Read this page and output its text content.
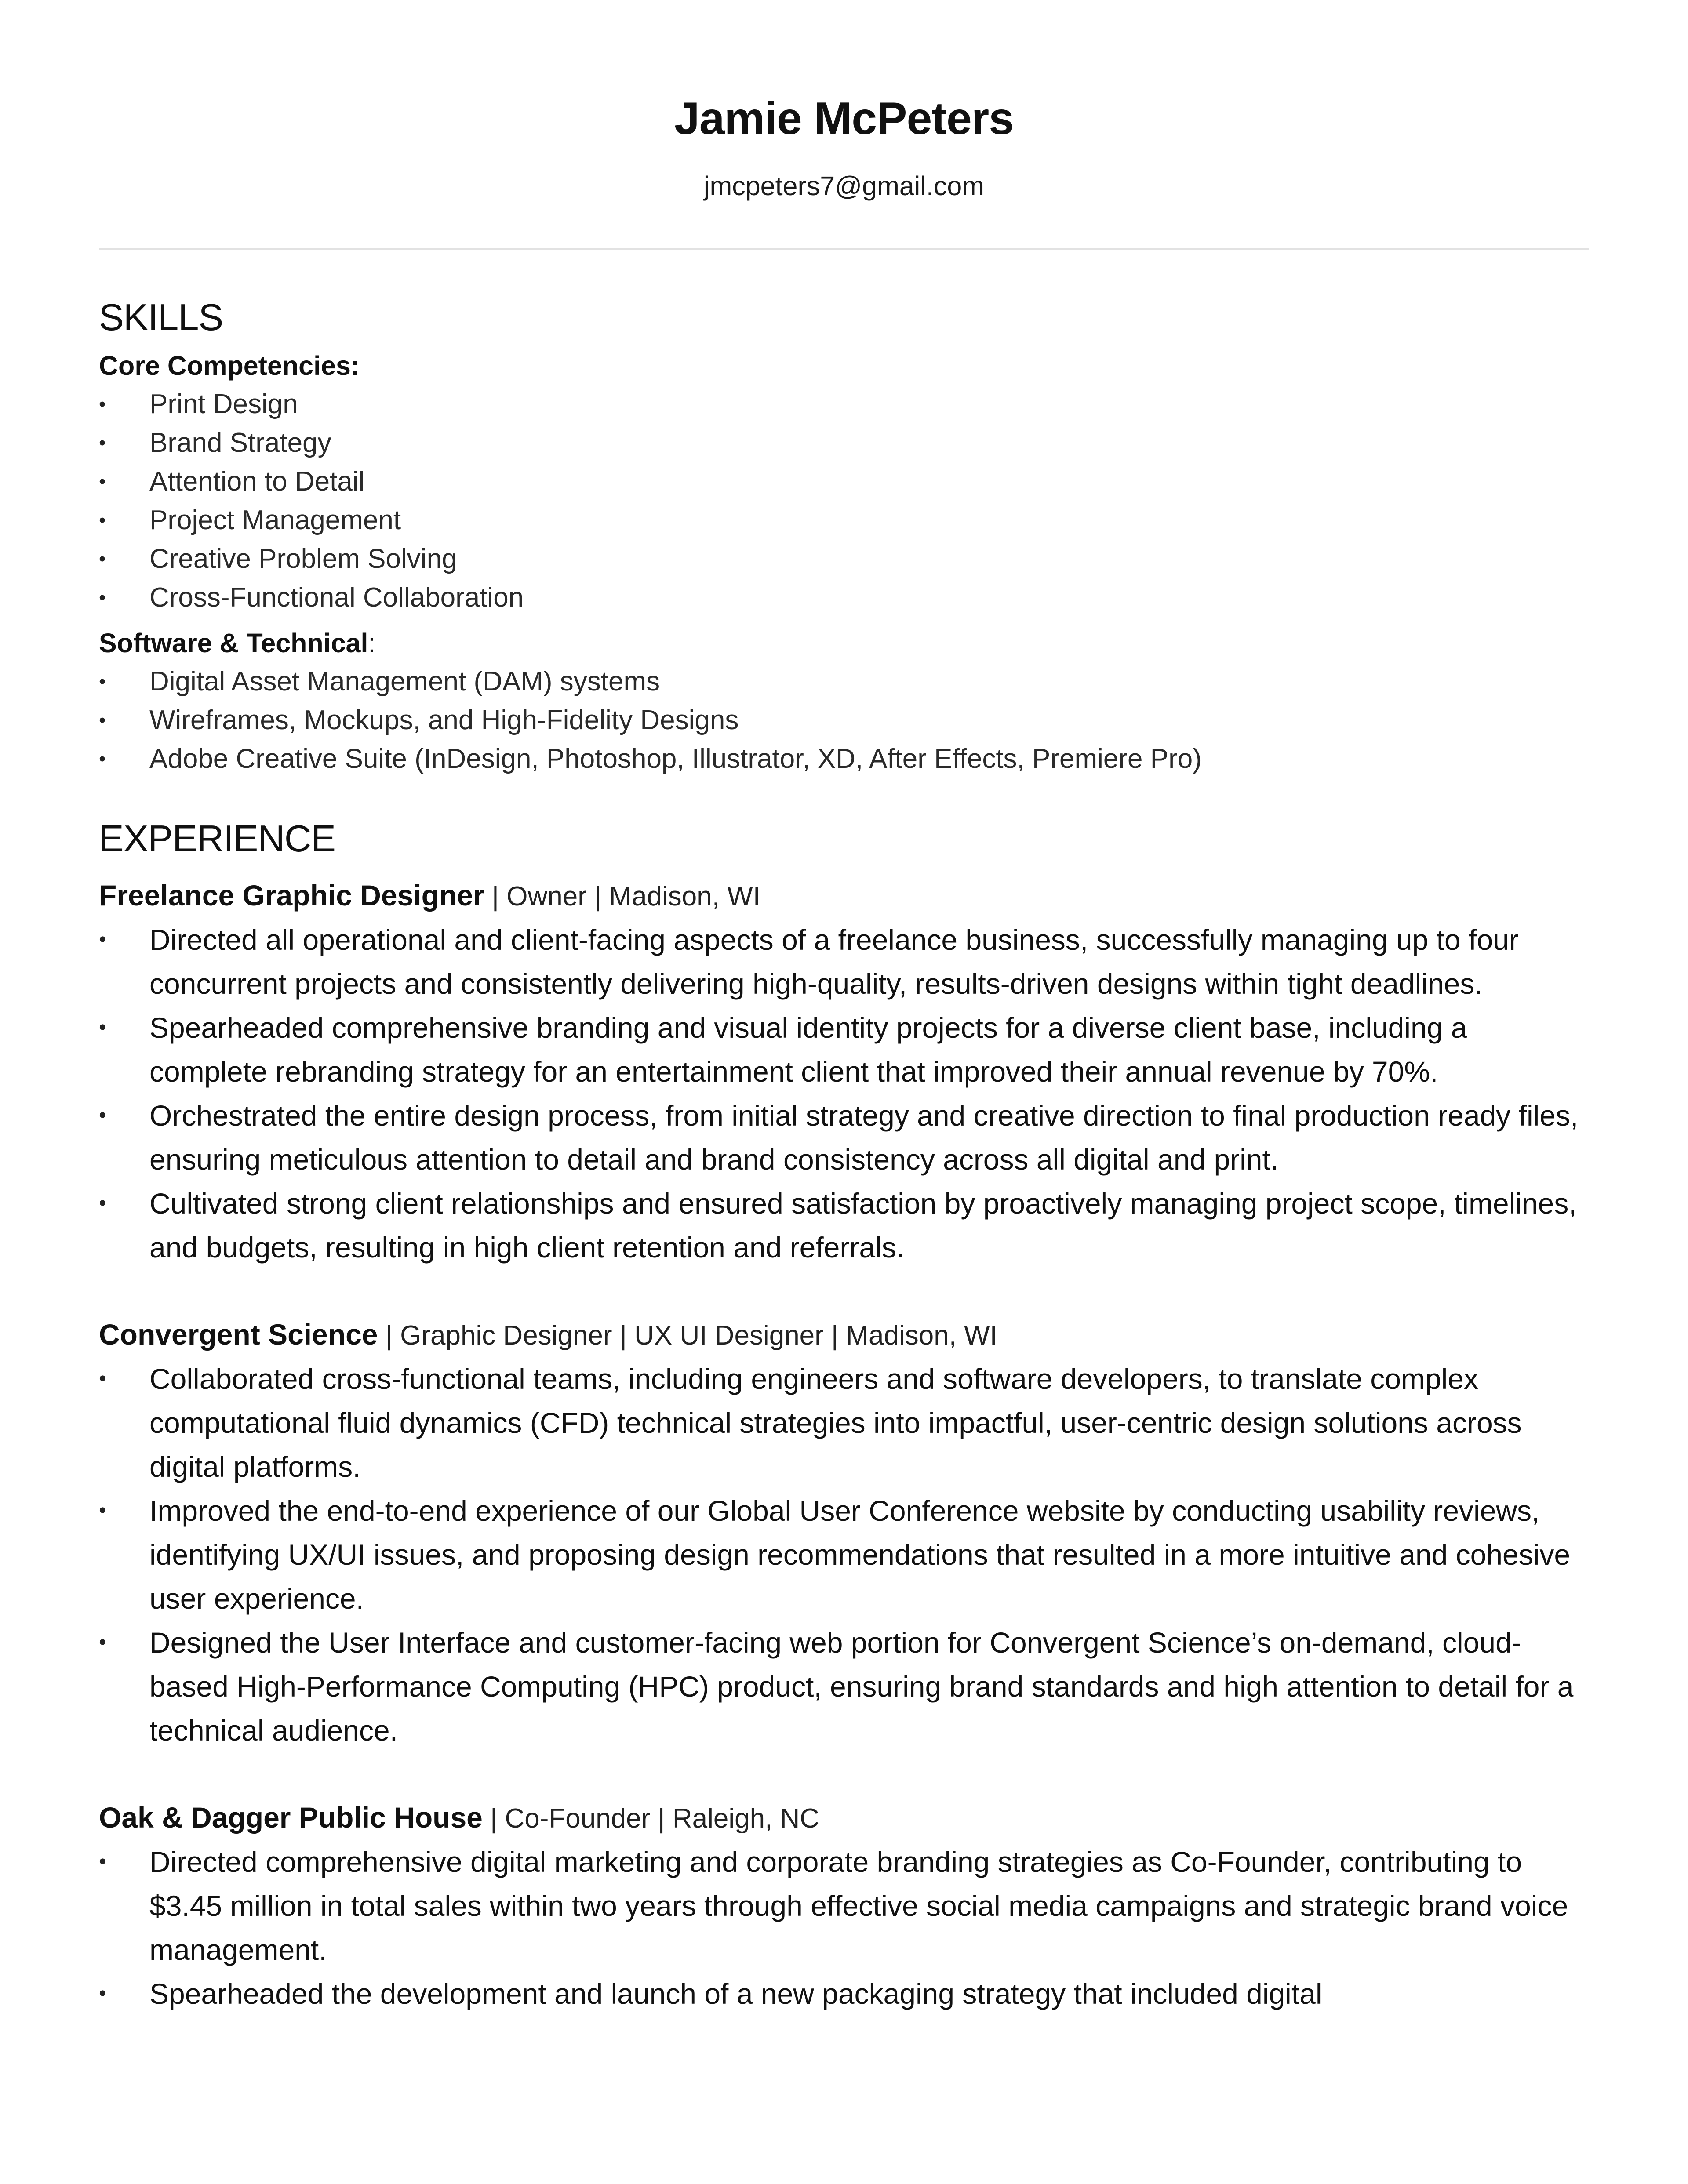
Jamie McPeters
jmcpeters7@gmail.com
SKILLS
Core Competencies:
• Print Design
• Brand Strategy
• Attention to Detail
• Project Management
• Creative Problem Solving
• Cross-Functional Collaboration
Software & Technical:
• Digital Asset Management (DAM) systems
• Wireframes, Mockups, and High-Fidelity Designs
• Adobe Creative Suite (InDesign, Photoshop, Illustrator, XD, After Effects, Premiere Pro)
EXPERIENCE
Freelance Graphic Designer | Owner | Madison, WI
• Directed all operational and client-facing aspects of a freelance business, successfully managing up to four concurrent projects and consistently delivering high-quality, results-driven designs within tight deadlines.
• Spearheaded comprehensive branding and visual identity projects for a diverse client base, including a complete rebranding strategy for an entertainment client that improved their annual revenue by 70%.
• Orchestrated the entire design process, from initial strategy and creative direction to final production ready files, ensuring meticulous attention to detail and brand consistency across all digital and print.
• Cultivated strong client relationships and ensured satisfaction by proactively managing project scope, timelines, and budgets, resulting in high client retention and referrals.
Convergent Science | Graphic Designer | UX UI Designer | Madison, WI
• Collaborated cross-functional teams, including engineers and software developers, to translate complex computational fluid dynamics (CFD) technical strategies into impactful, user-centric design solutions across digital platforms.
• Improved the end-to-end experience of our Global User Conference website by conducting usability reviews, identifying UX/UI issues, and proposing design recommendations that resulted in a more intuitive and cohesive user experience.
• Designed the User Interface and customer-facing web portion for Convergent Science’s on-demand, cloud-based High-Performance Computing (HPC) product, ensuring brand standards and high attention to detail for a technical audience.
Oak & Dagger Public House | Co-Founder | Raleigh, NC
• Directed comprehensive digital marketing and corporate branding strategies as Co-Founder, contributing to $3.45 million in total sales within two years through effective social media campaigns and strategic brand voice management.
• Spearheaded the development and launch of a new packaging strategy that included digital
